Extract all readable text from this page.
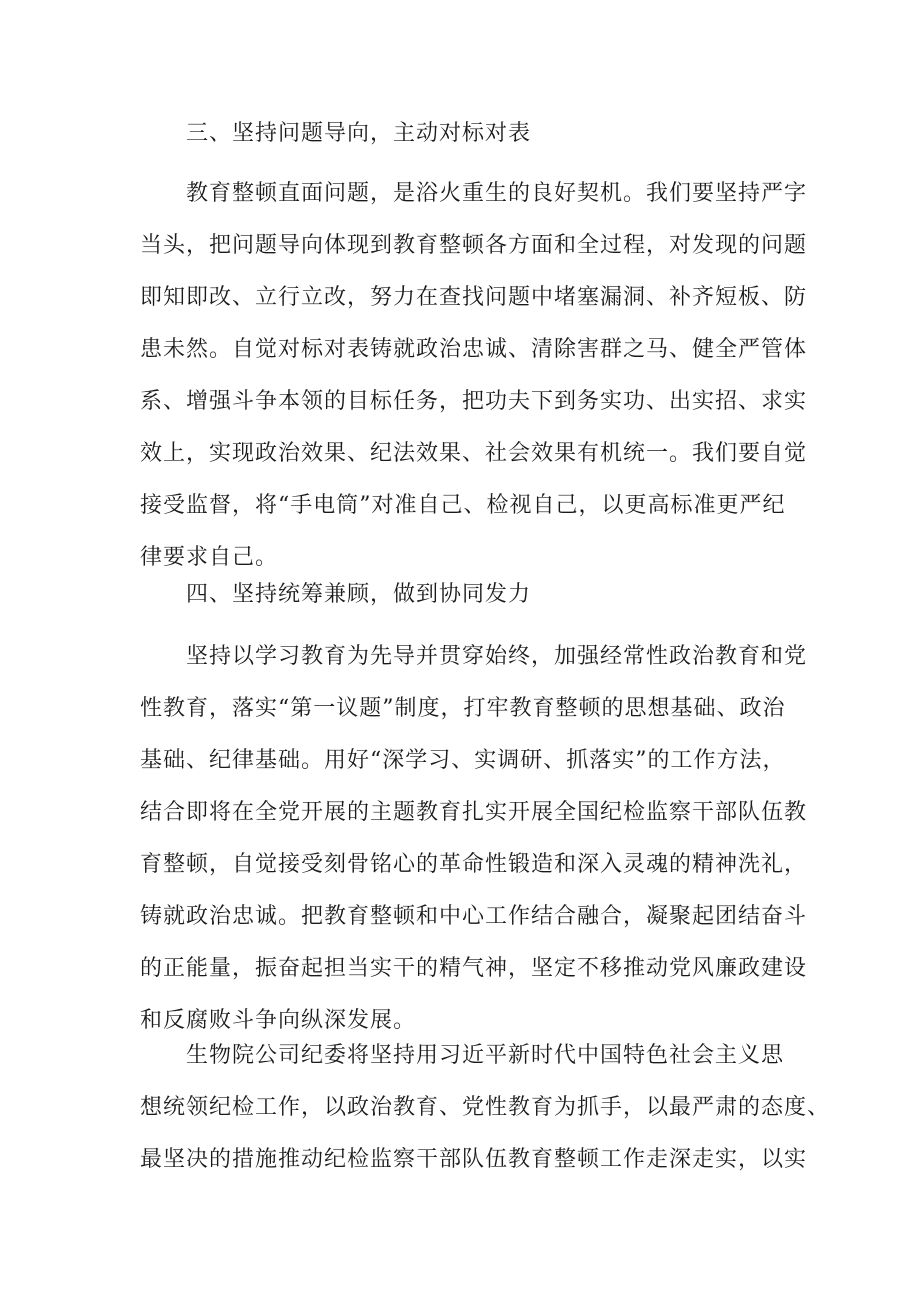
三、坚持问题导向，主动对标对表
教育整顿直面问题，是浴火重生的良好契机。我们要坚持严字
当头，把问题导向体现到教育整顿各方面和全过程，对发现的问题
即知即改、立行立改，努力在查找问题中堵塞漏洞、补齐短板、防
患未然。自觉对标对表铸就政治忠诚、清除害群之马、健全严管体
系、增强斗争本领的目标任务，把功夫下到务实功、出实招、求实
效上，实现政治效果、纪法效果、社会效果有机统一。我们要自觉
接受监督，将“手电筒”对准自己、检视自己，以更高标准更严纪
律要求自己。
四、坚持统筹兼顾，做到协同发力
坚持以学习教育为先导并贯穿始终，加强经常性政治教育和党
性教育，落实“第一议题”制度，打牢教育整顿的思想基础、政治
基础、纪律基础。用好“深学习、实调研、抓落实”的工作方法，
结合即将在全党开展的主题教育扎实开展全国纪检监察干部队伍教
育整顿，自觉接受刻骨铭心的革命性锻造和深入灵魂的精神洗礼，
铸就政治忠诚。把教育整顿和中心工作结合融合，凝聚起团结奋斗
的正能量，振奋起担当实干的精气神，坚定不移推动党风廉政建设
和反腐败斗争向纵深发展。
生物院公司纪委将坚持用习近平新时代中国特色社会主义思
想统领纪检工作，以政治教育、党性教育为抓手，以最严肃的态度、
最坚决的措施推动纪检监察干部队伍教育整顿工作走深走实，以实
